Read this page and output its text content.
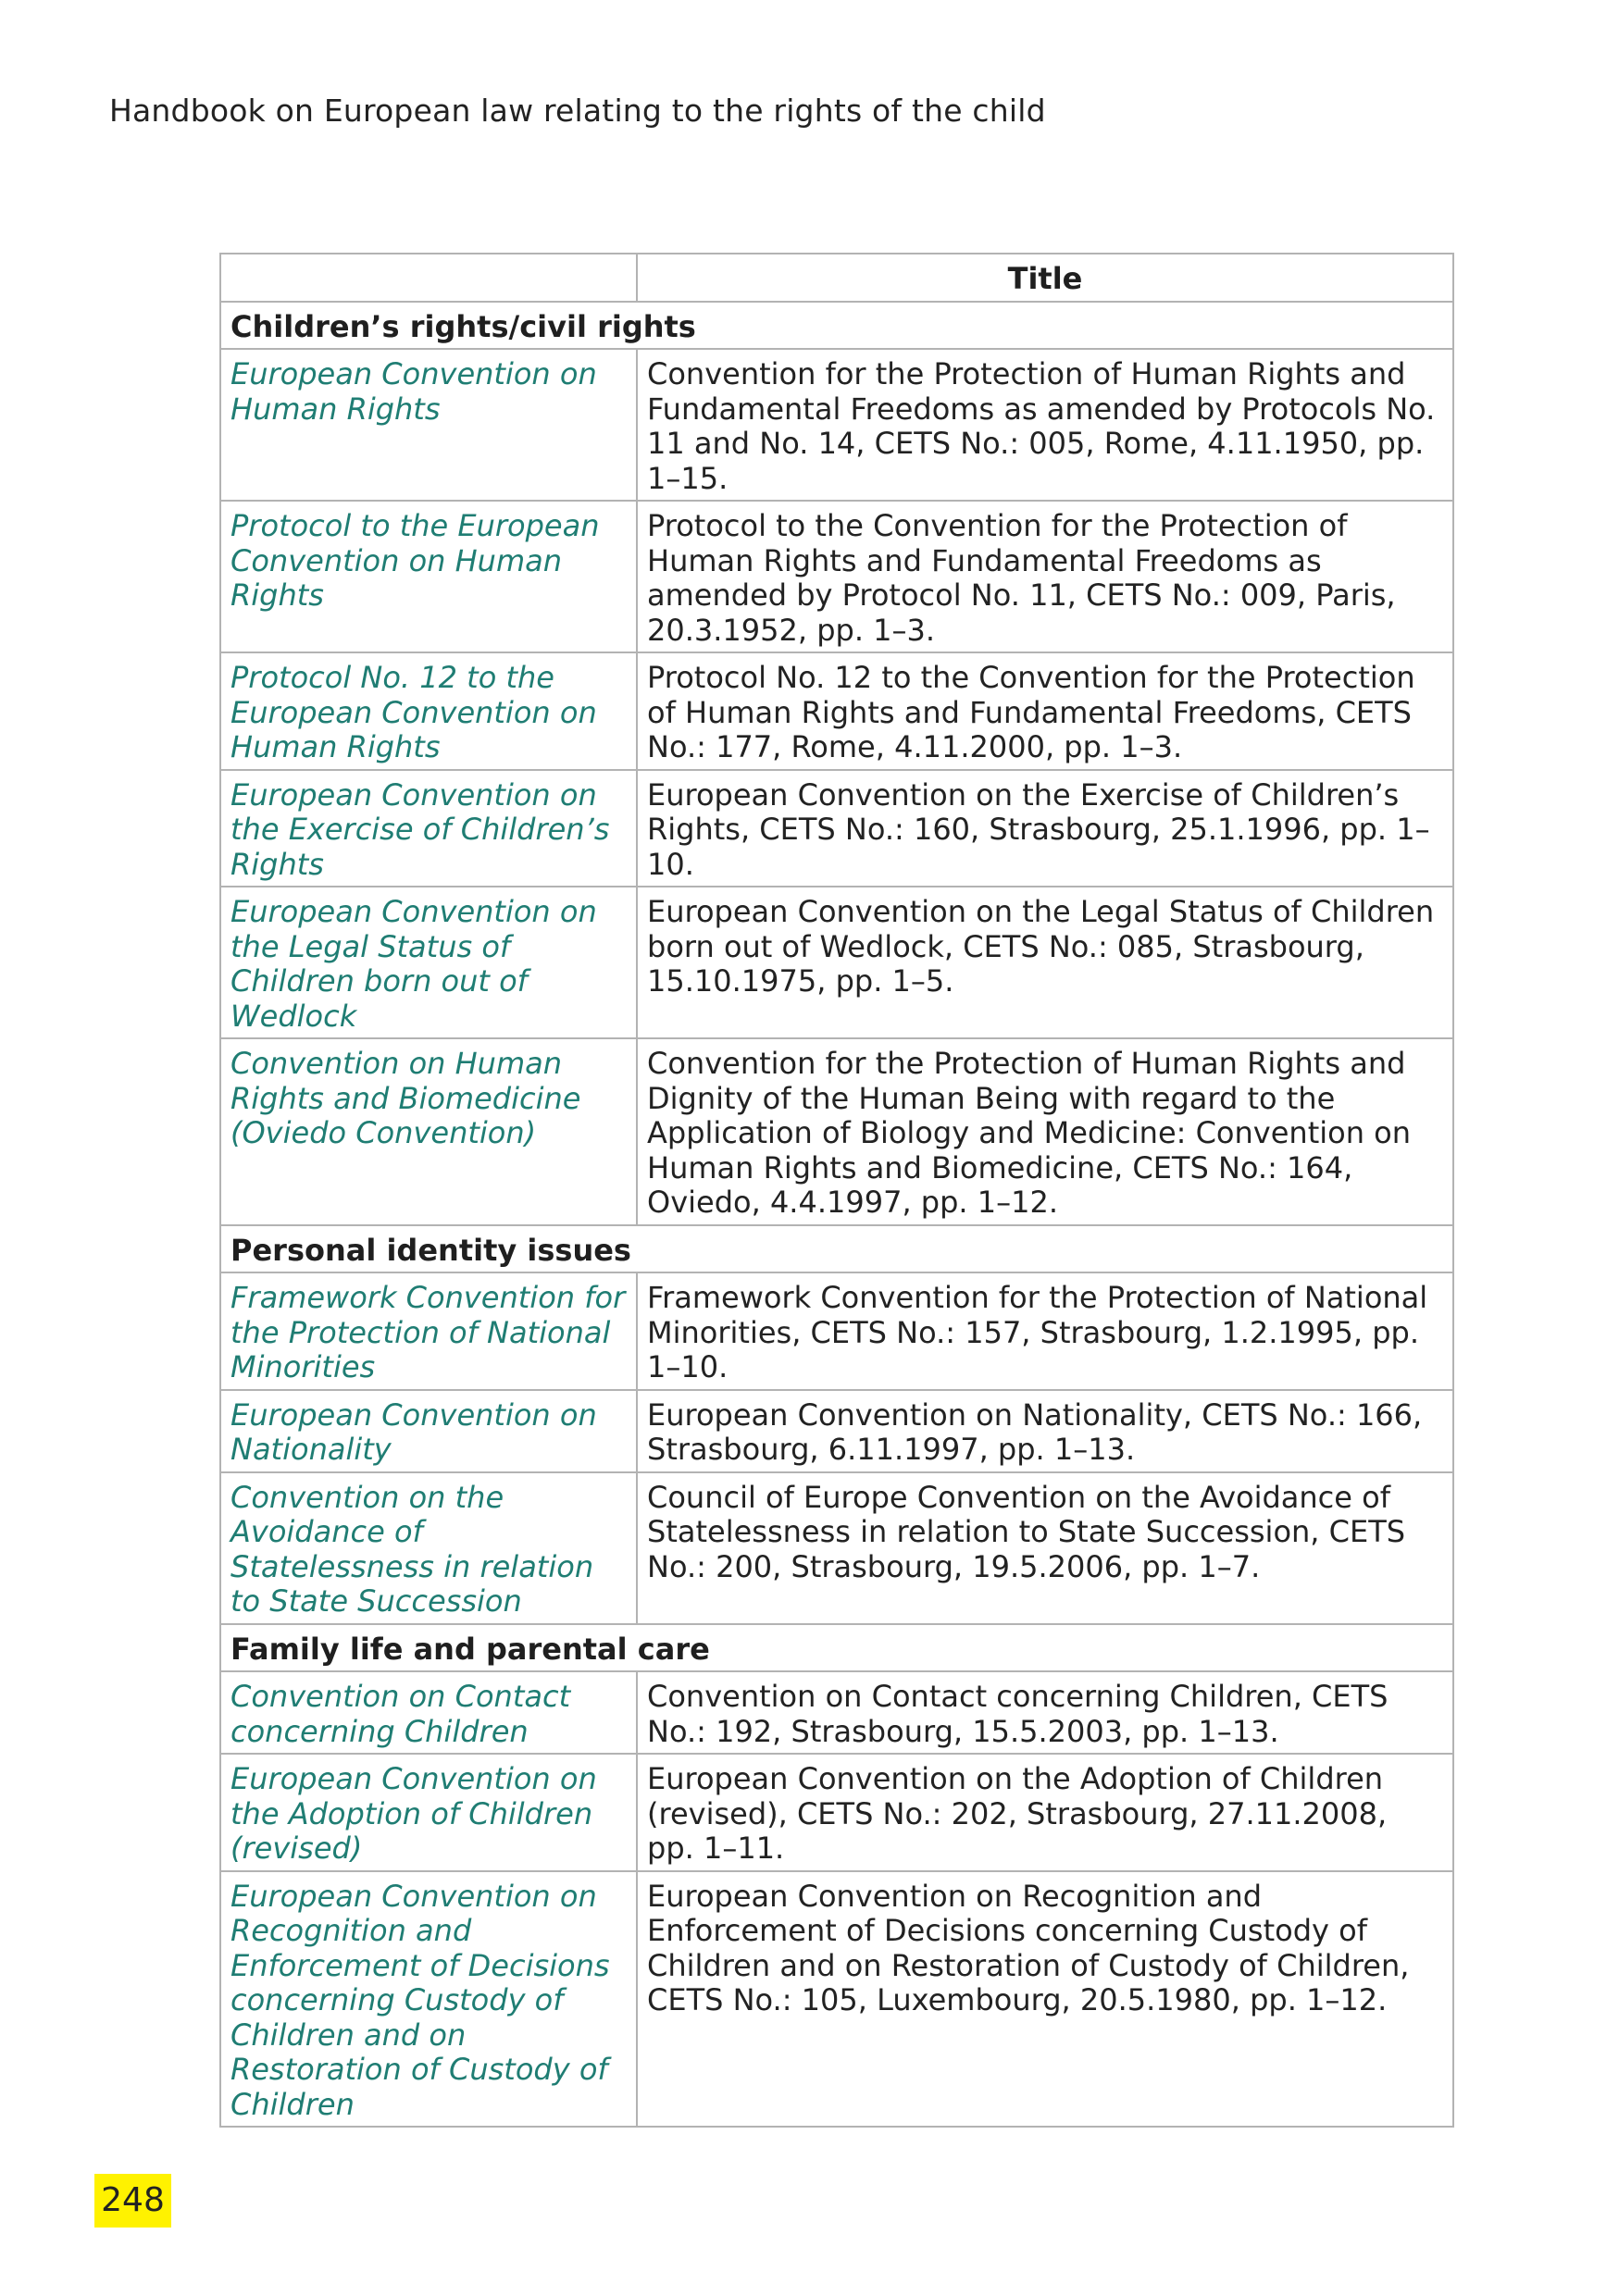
Handbook on European law relating to the rights of the child
	Title
Children’s rights/civil rights	
European Convention on Human Rights	Convention for the Protection of Human Rights and Fundamental Freedoms as amended by Protocols No. 11 and No. 14, CETS No.: 005, Rome, 4.11.1950, pp. 1–15.
Protocol to the European Convention on Human Rights	Protocol to the Convention for the Protection of Human Rights and Fundamental Freedoms as amended by Protocol No. 11, CETS No.: 009, Paris, 20.3.1952, pp. 1–3.
Protocol No. 12 to the European Convention on Human Rights	Protocol No. 12 to the Convention for the Protection of Human Rights and Fundamental Freedoms, CETS No.: 177, Rome, 4.11.2000, pp. 1–3.
European Convention on the Exercise of Children’s Rights	European Convention on the Exercise of Children’s Rights, CETS No.: 160, Strasbourg, 25.1.1996, pp. 1–10.
European Convention on the Legal Status of Children born out of Wedlock	European Convention on the Legal Status of Children born out of Wedlock, CETS No.: 085, Strasbourg, 15.10.1975, pp. 1–5.
Convention on Human Rights and Biomedicine (Oviedo Convention)	Convention for the Protection of Human Rights and Dignity of the Human Being with regard to the Application of Biology and Medicine: Convention on Human Rights and Biomedicine, CETS No.: 164, Oviedo, 4.4.1997, pp. 1–12.
Personal identity issues	
Framework Convention for the Protection of National Minorities	Framework Convention for the Protection of National Minorities, CETS No.: 157, Strasbourg, 1.2.1995, pp. 1–10.
European Convention on Nationality	European Convention on Nationality, CETS No.: 166, Strasbourg, 6.11.1997, pp. 1–13.
Convention on the Avoidance of Statelessness in relation to State Succession	Council of Europe Convention on the Avoidance of Statelessness in relation to State Succession, CETS No.: 200, Strasbourg, 19.5.2006, pp. 1–7.
Family life and parental care	
Convention on Contact concerning Children	Convention on Contact concerning Children, CETS No.: 192, Strasbourg, 15.5.2003, pp. 1–13.
European Convention on the Adoption of Children (revised)	European Convention on the Adoption of Children (revised), CETS No.: 202, Strasbourg, 27.11.2008, pp. 1–11.
European Convention on Recognition and Enforcement of Decisions concerning Custody of Children and on Restoration of Custody of Children	European Convention on Recognition and Enforcement of Decisions concerning Custody of Children and on Restoration of Custody of Children, CETS No.: 105, Luxembourg, 20.5.1980, pp. 1–12.
248
